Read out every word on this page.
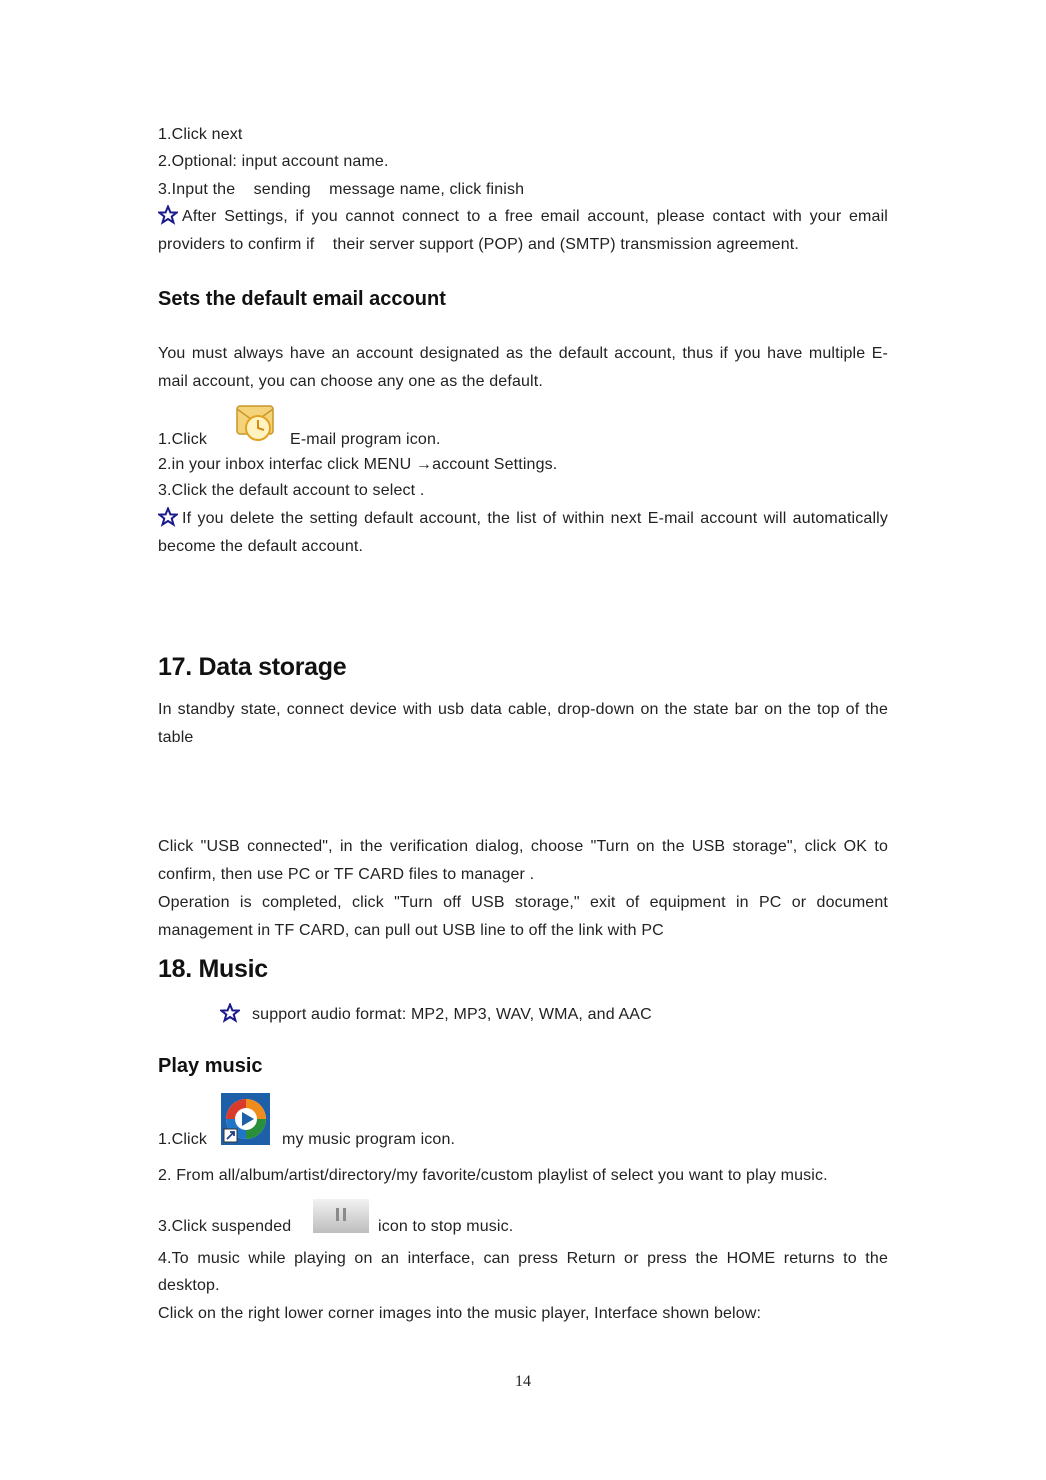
1.Click next
2.Optional: input account name.
3.Input the    sending    message name, click finish
After Settings, if you cannot connect to a free email account, please contact with your email providers to confirm if    their server support (POP) and (SMTP) transmission agreement.
Sets the default email account
You must always have an account designated as the default account, thus if you have multiple E-mail account, you can choose any one as the default.
1.Click	E-mail program icon.
2.in your inbox interfac click MENU →account Settings.
3.Click the default account to select .
If you delete the setting default account, the list of within next E-mail account will automatically become the default account.
17. Data storage
In standby state, connect device with usb data cable, drop-down on the state bar on the top of the table
Click "USB connected", in the verification dialog, choose "Turn on the USB storage", click OK to confirm, then use PC or TF CARD files to manager .
Operation is completed, click "Turn off USB storage," exit of equipment in PC or document management in TF CARD, can pull out USB line to off the link with PC
18. Music
support audio format: MP2, MP3, WAV, WMA, and AAC
Play music
1.Click	my music program icon.
2. From all/album/artist/directory/my favorite/custom playlist of select you want to play music.
3.Click suspended	icon to stop music.
4.To music while playing on an interface, can press Return or press the HOME returns to the desktop.
Click on the right lower corner images into the music player, Interface shown below:
14
